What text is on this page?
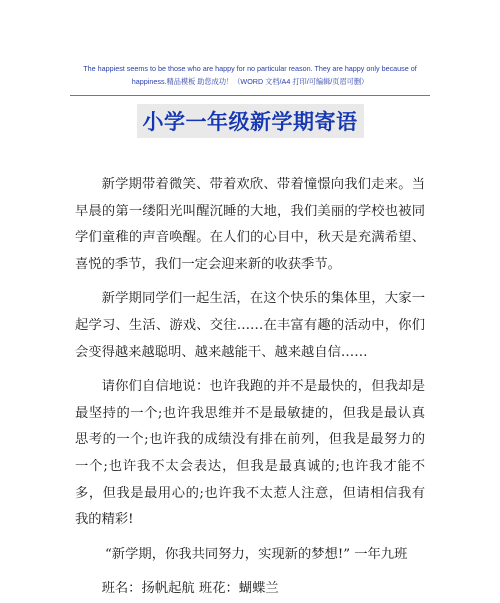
The happiest seems to be those who are happy for no particular reason. They are happy only because of
happiness.精品模板 助您成功！（WORD 文档/A4 打印/可编辑/页眉可删）
小学一年级新学期寄语

新学期带着微笑、带着欢欣、带着憧憬向我们走来。当早晨的第一缕阳光叫醒沉睡的大地，我们美丽的学校也被同学们童稚的声音唤醒。在人们的心目中，秋天是充满希望、喜悦的季节，我们一定会迎来新的收获季节。

新学期同学们一起生活，在这个快乐的集体里，大家一起学习、生活、游戏、交往……在丰富有趣的活动中，你们会变得越来越聪明、越来越能干、越来越自信……

请你们自信地说：也许我跑的并不是最快的，但我却是最坚持的一个;也许我思维并不是最敏捷的，但我是最认真思考的一个;也许我的成绩没有排在前列，但我是最努力的一个;也许我不太会表达，但我是最真诚的;也许我才能不多，但我是最用心的;也许我不太惹人注意，但请相信我有我的精彩!

“新学期，你我共同努力，实现新的梦想!” 一年九班

班名：扬帆起航 班花：蝴蝶兰
